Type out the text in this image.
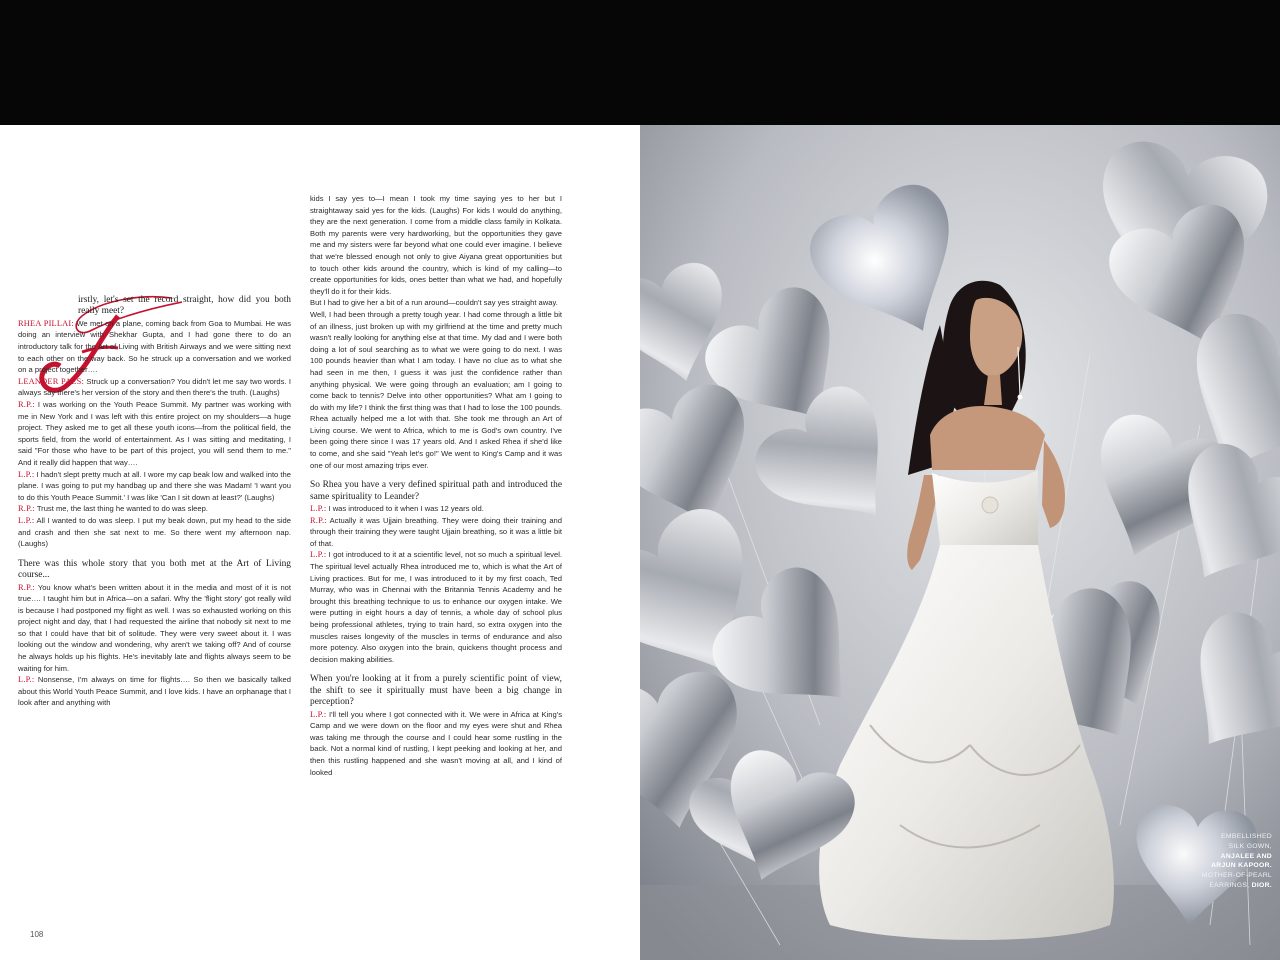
F

irstly, let's set the record straight, how did you both really meet?

RHEA PILLAI: We met on a plane, coming back from Goa to Mumbai. He was doing an interview with Shekhar Gupta, and I had gone there to do an introductory talk for the Art of Living with British Airways and we were sitting next to each other on the way back. So he struck up a conversation and we worked on a project together….

LEANDER PAES: Struck up a conversation? You didn't let me say two words. I always say there's her version of the story and then there's the truth. (Laughs)

R.P.: I was working on the Youth Peace Summit. My partner was working with me in New York and I was left with this entire project on my shoulders—a huge project. They asked me to get all these youth icons—from the political field, the sports field, from the world of entertainment. As I was sitting and meditating, I said "For those who have to be part of this project, you will send them to me." And it really did happen that way….

L.P.: I hadn't slept pretty much at all. I wore my cap beak low and walked into the plane. I was going to put my handbag up and there she was Madam! 'I want you to do this Youth Peace Summit.' I was like 'Can I sit down at least?' (Laughs)

R.P.: Trust me, the last thing he wanted to do was sleep.

L.P.: All I wanted to do was sleep. I put my beak down, put my head to the side and crash and then she sat next to me. So there went my afternoon nap. (Laughs)

There was this whole story that you both met at the Art of Living course...

R.P.: You know what's been written about it in the media and most of it is not true…. I taught him but in Africa—on a safari. Why the 'flight story' got really wild is because I had postponed my flight as well. I was so exhausted working on this project night and day, that I had requested the airline that nobody sit next to me so that I could have that bit of solitude. They were very sweet about it. I was looking out the window and wondering, why aren't we taking off? And of course he always holds up his flights. He's inevitably late and flights always seem to be waiting for him.

L.P.: Nonsense, I'm always on time for flights…. So then we basically talked about this World Youth Peace Summit, and I love kids. I have an orphanage that I look after and anything with

kids I say yes to—I mean I took my time saying yes to her but I straightaway said yes for the kids. (Laughs) For kids I would do anything, they are the next generation. I come from a middle class family in Kolkata. Both my parents were very hardworking, but the opportunities they gave me and my sisters were far beyond what one could ever imagine. I believe that we're blessed enough not only to give Aiyana great opportunities but to touch other kids around the country, which is kind of my calling—to create opportunities for kids, ones better than what we had, and hopefully they'll do it for their kids.

But I had to give her a bit of a run around—couldn't say yes straight away.

Well, I had been through a pretty tough year. I had come through a little bit of an illness, just broken up with my girlfriend at the time and pretty much wasn't really looking for anything else at that time. My dad and I were both doing a lot of soul searching as to what we were going to do next. I was 100 pounds heavier than what I am today. I have no clue as to what she had seen in me then, I guess it was just the confidence rather than anything physical. We were going through an evaluation; am I going to come back to tennis? Delve into other opportunities? What am I going to do with my life? I think the first thing was that I had to lose the 100 pounds. Rhea actually helped me a lot with that. She took me through an Art of Living course. We went to Africa, which to me is God's own country. I've been going there since I was 17 years old. And I asked Rhea if she'd like to come, and she said "Yeah let's go!" We went to King's Camp and it was one of our most amazing trips ever.

So Rhea you have a very defined spiritual path and introduced the same spirituality to Leander?

L.P.: I was introduced to it when I was 12 years old.

R.P.: Actually it was Ujjain breathing. They were doing their training and through their training they were taught Ujjain breathing, so it was a little bit of that.

L.P.: I got introduced to it at a scientific level, not so much a spiritual level. The spiritual level actually Rhea introduced me to, which is what the Art of Living practices. But for me, I was introduced to it by my first coach, Ted Murray, who was in Chennai with the Britannia Tennis Academy and he brought this breathing technique to us to enhance our oxygen intake. We were putting in eight hours a day of tennis, a whole day of school plus being professional athletes, trying to train hard, so extra oxygen into the muscles raises longevity of the muscles in terms of endurance and also more potency. Also oxygen into the brain, quickens thought process and decision making abilities.

When you're looking at it from a purely scientific point of view, the shift to see it spiritually must have been a big change in perception?

L.P.: I'll tell you where I got connected with it. We were in Africa at King's Camp and we were down on the floor and my eyes were shut and Rhea was taking me through the course and I could hear some rustling in the back. Not a normal kind of rustling, I kept peeking and looking at her, and then this rustling happened and she wasn't moving at all, and I kind of looked

108
EMBELLISHED
SILK GOWN,
ANJALEE AND
ARJUN KAPOOR.
MOTHER-OF-PEARL
EARRINGS, DIOR.
